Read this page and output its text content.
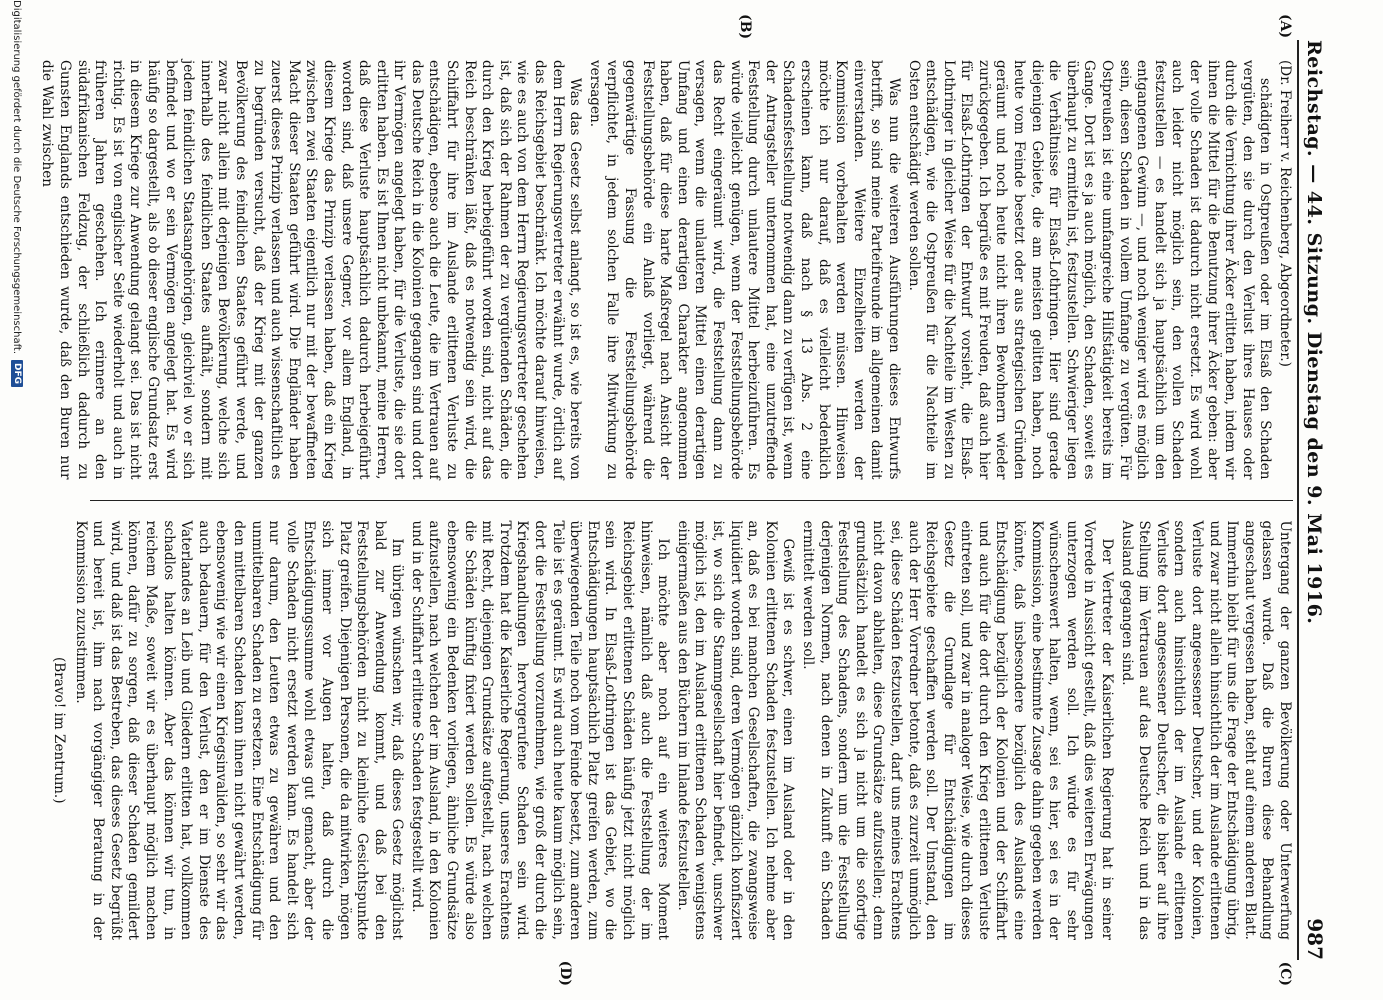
Reichstag. — 44. Sitzung. Dienstag den 9. Mai 1916.
987
(A)
(B)

(Dr. Freiherr v. Reichenberg, Abgeordneter.)

schädigten in Ostpreußen oder im Elsaß den Schaden vergüten, den sie durch den Verlust ihres Hauses oder durch die Vernichtung ihrer Äcker erlitten haben, indem wir ihnen die Mittel für die Benutzung ihrer Äcker geben: aber der volle Schaden ist dadurch nicht ersetzt. Es wird wohl auch leider nicht möglich sein, den vollen Schaden festzustellen — es handelt sich ja hauptsächlich um den entgangenen Gewinn —, und noch weniger wird es möglich sein, diesen Schaden in vollem Umfange zu vergüten. Für Ostpreußen ist eine umfangreiche Hilfstätigkeit bereits im Gange. Dort ist es ja auch möglich, den Schaden, soweit es überhaupt zu ermitteln ist, festzustellen. Schwieriger liegen die Verhältnisse für Elsaß-Lothringen. Hier sind gerade diejenigen Gebiete, die am meisten gelitten haben, noch heute vom Feinde besetzt oder aus strategischen Gründen geräumt und noch heute nicht ihren Bewohnern wieder zurückgegeben. Ich begrüße es mit Freuden, daß auch hier für Elsaß-Lothringen der Entwurf vorsieht, die Elsaß-Lothringer in gleicher Weise für die Nachteile im Westen zu entschädigen, wie die Ostpreußen für die Nachteile im Osten entschädigt werden sollen.

Was nun die weiteren Ausführungen dieses Entwurfs betrifft, so sind meine Parteifreunde im allgemeinen damit einverstanden. Weitere Einzelheiten werden der Kommission vorbehalten werden müssen. Hinweisen möchte ich nur darauf, daß es vielleicht bedenklich erscheinen kann, daß nach § 13 Abs. 2 eine Schadensfeststellung notwendig dann zu verfügen ist, wenn der Antragsteller unternommen hat, eine unzutreffende Feststellung durch unlautere Mittel herbeizuführen. Es würde vielleicht genügen, wenn der Feststellungsbehörde das Recht eingeräumt wird, die Feststellung dann zu versagen, wenn die unlauteren Mittel einen derartigen Umfang und einen derartigen Charakter angenommen haben, daß für diese harte Maßregel nach Ansicht der Feststellungsbehörde ein Anlaß vorliegt, während die gegenwärtige Fassung die Feststellungsbehörde verpflichtet, in jedem solchen Falle ihre Mitwirkung zu versagen.

Was das Gesetz selbst anlangt, so ist es, wie bereits von dem Herrn Regierungsvertreter erwähnt wurde, örtlich auf das Reichsgebiet beschränkt. Ich möchte darauf hinweisen, wie es auch von dem Herrn Regierungsvertreter geschehen ist, daß sich der Rahmen der zu vergütenden Schäden, die durch den Krieg herbeigeführt worden sind, nicht auf das Reich beschränken läßt, daß es notwendig sein wird, die Schiffahrt für ihre im Auslande erlittenen Verluste zu entschädigen, ebenso auch die Leute, die im Vertrauen auf das Deutsche Reich in die Kolonien gegangen sind und dort ihr Vermögen angelegt haben, für die Verluste, die sie dort erlitten haben. Es ist Ihnen nicht unbekannt, meine Herren, daß diese Verluste hauptsächlich dadurch herbeigeführt worden sind, daß unsere Gegner, vor allem England, in diesem Kriege das Prinzip verlassen haben, daß ein Krieg zwischen zwei Staaten eigentlich nur mit der bewaffneten Macht dieser Staaten geführt wird. Die Engländer haben zuerst dieses Prinzip verlassen und auch wissenschaftlich es zu begründen versucht, daß der Krieg mit der ganzen Bevölkerung des feindlichen Staates geführt werde, und zwar nicht allein mit derjenigen Bevölkerung, welche sich innerhalb des feindlichen Staates aufhält, sondern mit jedem feindlichen Staatsangehörigen, gleichviel wo er sich befindet und wo er sein Vermögen angelegt hat. Es wird häufig so dargestellt, als ob dieser englische Grundsatz erst in diesem Kriege zur Anwendung gelangt sei. Das ist nicht richtig. Es ist von englischer Seite wiederholt und auch in früheren Jahren geschehen. Ich erinnere an den südafrikanischen Feldzug, der schließlich dadurch zu Gunsten Englands entschieden wurde, daß den Buren nur die Wahl zwischen

(C)
(D)

Untergang der ganzen Bevölkerung oder Unterwerfung gelassen wurde. Daß die Buren diese Behandlung angeschaut vergessen haben, steht auf einem anderen Blatt. Immerhin bleibt für uns die Frage der Entschädigung übrig, und zwar nicht allein hinsichtlich der im Auslande erlittenen Verluste dort angesessener Deutscher, und der Kolonien, sondern auch hinsichtlich der im Auslande erlittenen Verluste dort angesessener Deutscher, die bisher auf ihre Stellung im Vertrauen auf das Deutsche Reich und in das Ausland gegangen sind.

Der Vertreter der Kaiserlichen Regierung hat in seiner Vorrede in Aussicht gestellt, daß dies weiteren Erwägungen unterzogen werden soll. Ich würde es für sehr wünschenswert halten, wenn, sei es hier, sei es in der Kommission, eine bestimmte Zusage dahin gegeben werden könnte, daß insbesondere bezüglich des Auslands eine Entschädigung bezüglich der Kolonien und der Schiffahrt und auch für die dort durch den Krieg erlittenen Verluste eintreten soll, und zwar in analoger Weise, wie durch dieses Gesetz die Grundlage für Entschädigungen im Reichsgebiete geschaffen werden soll. Der Umstand, den auch der Herr Vorredner betonte, daß es zurzeit unmöglich sei, diese Schäden festzustellen, darf uns meines Erachtens nicht davon abhalten, diese Grundsätze aufzustellen; denn grundsätzlich handelt es sich ja nicht um die sofortige Feststellung des Schadens, sondern um die Feststellung derjenigen Normen, nach denen in Zukunft ein Schaden ermittelt werden soll.

Gewiß ist es schwer, einen im Ausland oder in den Kolonien erlittenen Schaden festzustellen. Ich nehme aber an, daß es bei manchen Gesellschaften, die zwangsweise liquidiert worden sind, deren Vermögen gänzlich konfisziert ist, wo sich die Stammgesellschaft hier befindet, unschwer möglich ist, den im Ausland erlittenen Schaden wenigstens einigermaßen aus den Büchern im Inlande festzustellen.

Ich möchte aber noch auf ein weiteres Moment hinweisen, nämlich daß auch die Feststellung der im Reichsgebiet erlittenen Schäden häufig jetzt nicht möglich sein wird. In Elsaß-Lothringen ist das Gebiet, wo die Entschädigungen hauptsächlich Platz greifen werden, zum überwiegenden Teile noch vom Feinde besetzt, zum anderen Teile ist es geräumt. Es wird auch heute kaum möglich sein, dort die Feststellung vorzunehmen, wie groß der durch die Kriegshandlungen hervorgerufene Schaden sein wird. Trotzdem hat die Kaiserliche Regierung, unseres Erachtens mit Recht, diejenigen Grundsätze aufgestellt, nach welchen die Schäden künftig fixiert werden sollen. Es würde also ebensowenig ein Bedenken vorliegen, ähnliche Grundsätze aufzustellen, nach welchen der im Ausland, in den Kolonien und in der Schiffahrt erlittene Schaden festgestellt wird.

Im übrigen wünschen wir, daß dieses Gesetz möglichst bald zur Anwendung kommt, und daß bei den Feststellungsbehörden nicht zu kleinliche Gesichtspunkte Platz greifen. Diejenigen Personen, die da mitwirken, mögen sich immer vor Augen halten, daß durch die Entschädigungssumme wohl etwas gut gemacht, aber der volle Schaden nicht ersetzt werden kann. Es handelt sich nur darum, den Leuten etwas zu gewähren und den unmittelbaren Schaden zu ersetzen. Eine Entschädigung für den mittelbaren Schaden kann ihnen nicht gewährt werden, ebensowenig wie wir einen Kriegsinvaliden, so sehr wir das auch bedauern, für den Verlust, den er im Dienste des Vaterlandes an Leib und Gliedern erlitten hat, vollkommen schadlos halten können. Aber das können wir tun, in reichem Maße, soweit wir es überhaupt möglich machen können, dafür zu sorgen, daß dieser Schaden gemildert wird, und daß ist das Bestreben, das dieses Gesetz begrüßt und bereit ist, ihm nach vorgängiger Beratung in der Kommission zuzustimmen.

(Bravo! im Zentrum.)

Digitalisierung gefördert durch die Deutsche Forschungsgemeinschaft.
DFG
